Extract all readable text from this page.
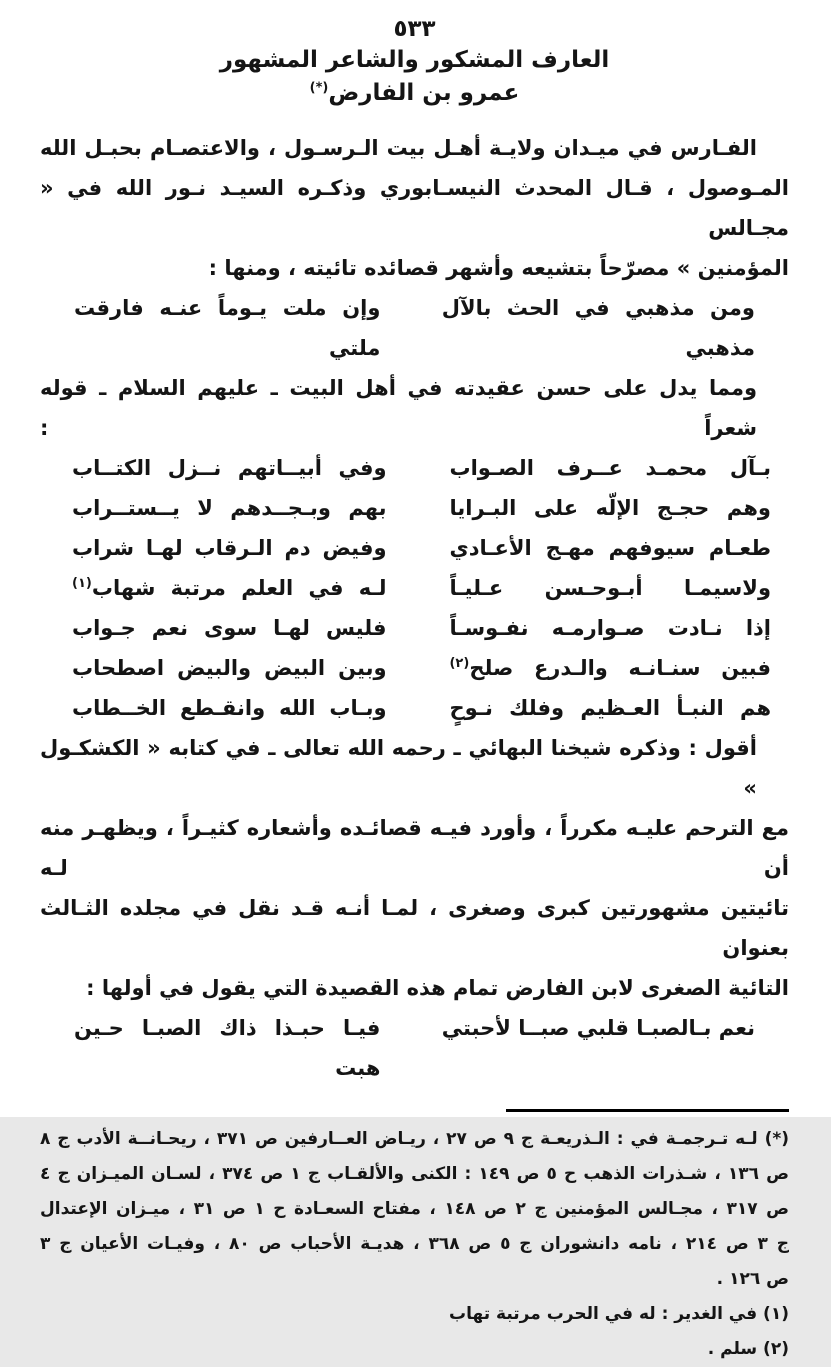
٥٣٣
العارف المشكور والشاعر المشهور
عمرو بن الفارض(*)
الفـارس في ميـدان ولايـة أهـل بيت الـرسـول ، والاعتصـام بحبـل الله
المـوصول ، قـال المحدث النيسـابوري وذكـره السيـد نـور الله في « مجـالس
المؤمنين » مصرّحاً بتشيعه وأشهر قصائده تائيته ، ومنها :
ومن مذهبي في الحث بالآل مذهبي
وإن ملت يـوماً عنـه فارقت ملتي
ومما يدل على حسن عقيدته في أهل البيت ـ عليهم السلام ـ قوله شعراً :
بـآل محمـد عــرف الصـواب
وفي أبيــاتهم نــزل الكتــاب
وهم حجـج الإلّه على البـرايا
بهم وبـجــدهم لا يــستــراب
طعـام سيوفهم مهـج الأعـادي
وفيض دم الـرقاب لهـا شراب
ولاسيمـا أبـوحـسن عـليـاً
لـه في العلم مرتبة شهاب$^{(١)}$
إذا نـادت صـوارمـه نفـوسـاً
فليس لهـا سوى نعم جـواب
فبين سنـانـه والـدرع صلح$^{(٢)}$
وبين البيض والبيض اصطحاب
هم النبـأ العـظيم وفلك نـوحٍ
وبـاب الله وانقـطع الخــطاب
أقول : وذكره شيخنا البهائي ـ رحمه الله تعالى ـ في كتابه « الكشكـول »
مع الترحم عليـه مكرراً ، وأورد فيـه قصائـده وأشعاره كثيـراً ، ويظهـر منه أن لـه
تائيتين مشهورتين كبرى وصغرى ، لمـا أنـه قـد نقل في مجلده الثـالث بعنوان
التائية الصغرى لابن الفارض تمام هذه القصيدة التي يقول في أولها :
نعم بـالصبـا قلبي صبــا لأحبتي
فيـا حبـذا ذاك الصبـا حـين هبت
(*) لـه تـرجمـة في : الـذريعـة ج ٩ ص ٢٧ ، ريـاض العــارفين ص ٣٧١ ، ريحـانــة الأدب ج ٨
ص ١٣٦ ، شـذرات الذهب ح ٥ ص ١٤٩ : الكنى والألقـاب ج ١ ص ٣٧٤ ، لسـان الميـزان ج ٤
ص ٣١٧ ، مجـالس المؤمنين ج ٢ ص ١٤٨ ، مفتاح السعـادة ح ١ ص ٣١ ، ميـزان الإعتدال
ج ٣ ص ٢١٤ ، نامه دانشوران ج ٥ ص ٣٦٨ ، هديـة الأحباب ص ٨٠ ، وفيـات الأعيان ج ٣
ص ١٢٦ .
(١) في الغدير : له في الحرب مرتبة تهاب
(٢) سلم .
